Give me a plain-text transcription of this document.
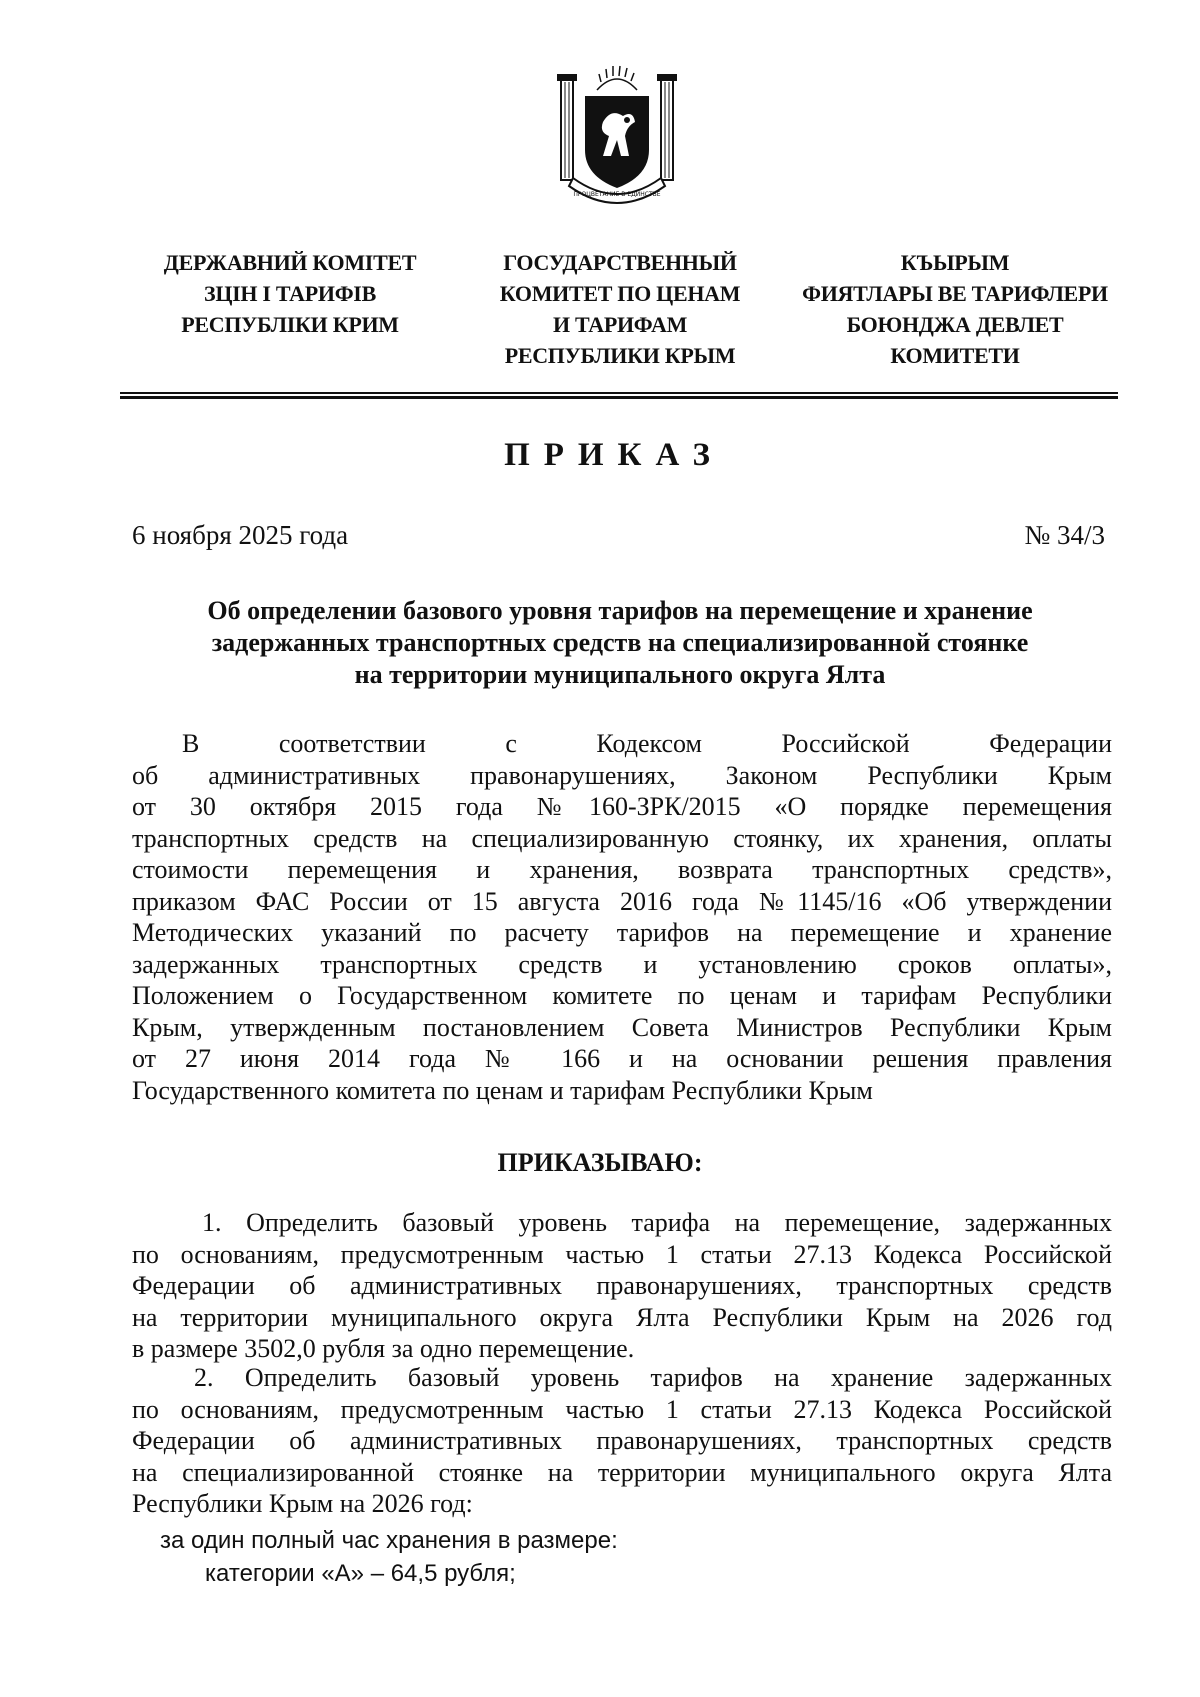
ПРОЦВЕТАНИЕ В ЕДИНСТВЕ
ДЕРЖАВНИЙ КОМІТЕТ
ЗЦІН І ТАРИФІВ
РЕСПУБЛІКИ КРИМ
ГОСУДАРСТВЕННЫЙ
КОМИТЕТ ПО ЦЕНАМ
И ТАРИФАМ
РЕСПУБЛИКИ КРЫМ
КЪЫРЫМ
ФИЯТЛАРЫ ВЕ ТАРИФЛЕРИ
БОЮНДЖА ДЕВЛЕТ
КОМИТЕТИ
ПРИКАЗ
6 ноября 2025 года	№ 34/3
Об определении базового уровня тарифов на перемещение и хранение
задержанных транспортных средств на специализированной стоянке
на территории муниципального округа Ялта
В соответствии с Кодексом Российской Федерации
об административных правонарушениях, Законом Республики Крым
от 30 октября 2015 года №160-ЗРК/2015 «О порядке перемещения
транспортных средств на специализированную стоянку, их хранения, оплаты
стоимости перемещения и хранения, возврата транспортных средств»,
приказом ФАС России от 15 августа 2016 года №1145/16 «Об утверждении
Методических указаний по расчету тарифов на перемещение и хранение
задержанных транспортных средств и установлению сроков оплаты»,
Положением о Государственном комитете по ценам и тарифам Республики
Крым, утвержденным постановлением Совета Министров Республики Крым
от 27 июня 2014 года № 166 и на основании решения правления
Государственного комитета по ценам и тарифам Республики Крым
ПРИКАЗЫВАЮ:
1. Определить базовый уровень тарифа на перемещение, задержанных
по основаниям, предусмотренным частью 1 статьи 27.13 Кодекса Российской
Федерации об административных правонарушениях, транспортных средств
на территории муниципального округа Ялта Республики Крым на 2026 год
в размере 3502,0 рубля за одно перемещение.
2. Определить базовый уровень тарифов на хранение задержанных
по основаниям, предусмотренным частью 1 статьи 27.13 Кодекса Российской
Федерации об административных правонарушениях, транспортных средств
на специализированной стоянке на территории муниципального округа Ялта
Республики Крым на 2026 год:
за один полный час хранения в размере:
категории «А» – 64,5 рубля;
